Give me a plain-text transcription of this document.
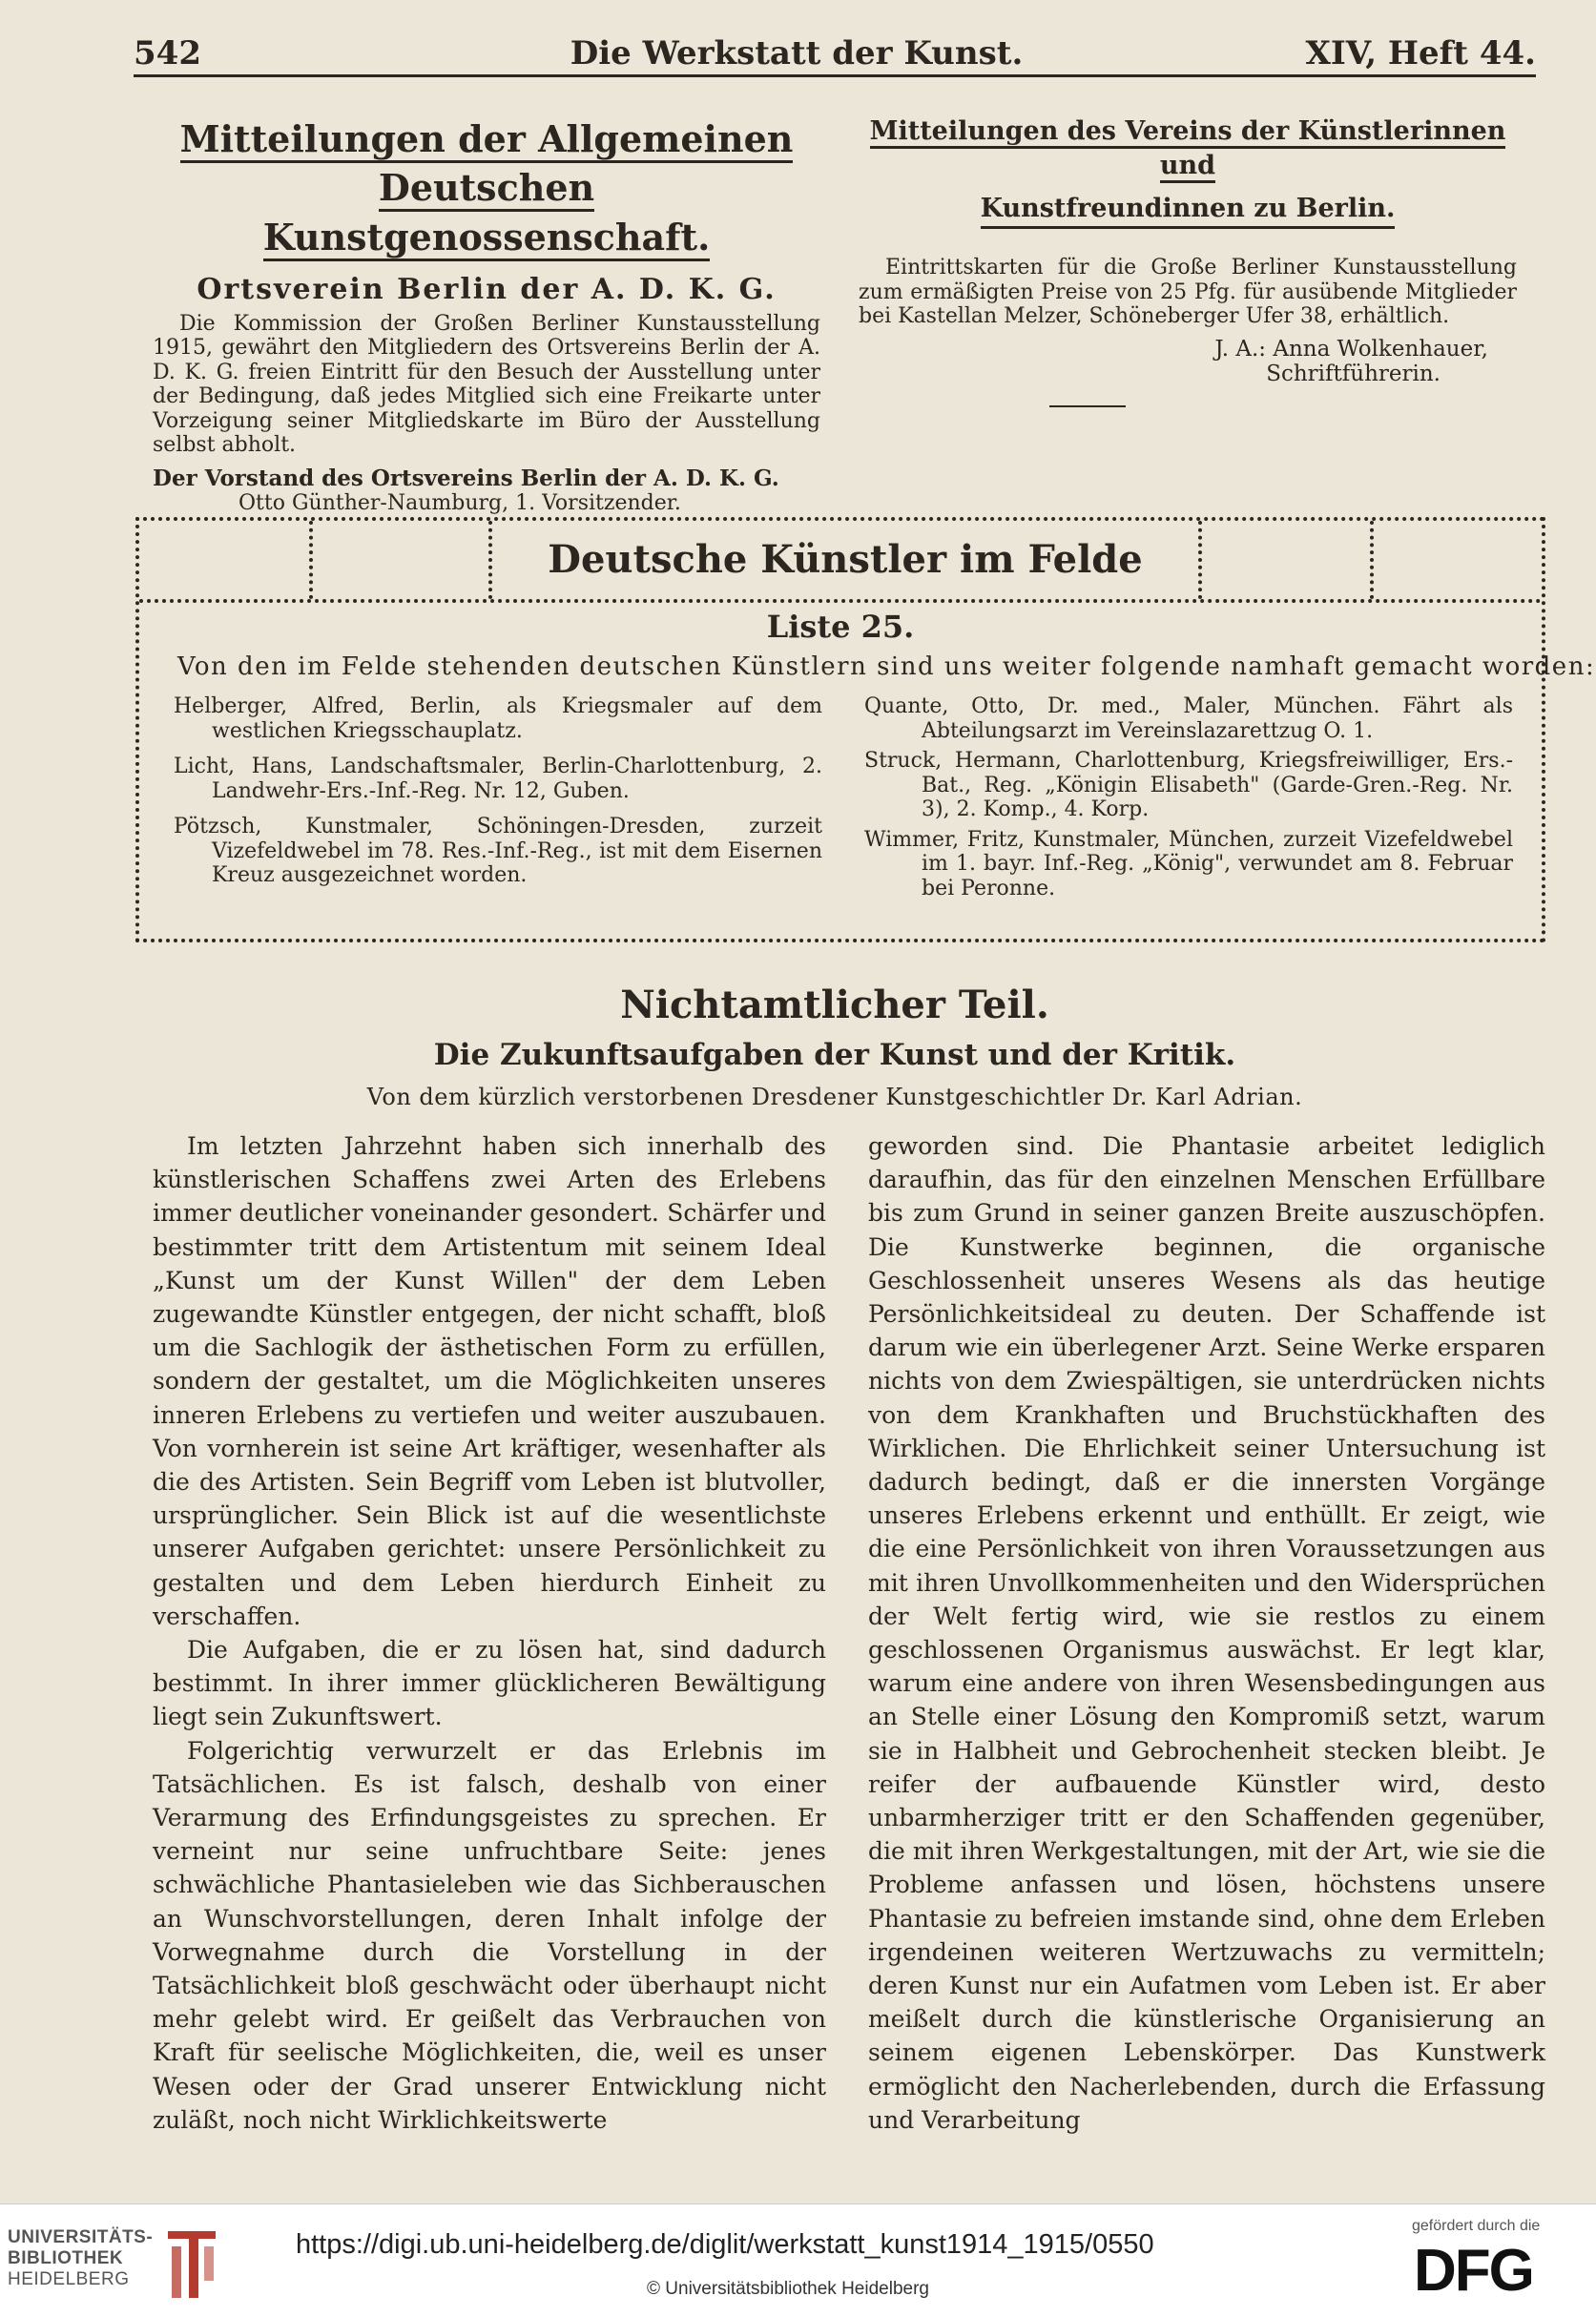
542	Die Werkstatt der Kunst.	XIV, Heft 44.
Mitteilungen der Allgemeinen Deutschen
Kunstgenossenschaft.
Ortsverein Berlin der A. D. K. G.

Die Kommission der Großen Berliner Kunstausstellung 1915, gewährt den Mitgliedern des Ortsvereins Berlin der A. D. K. G. freien Eintritt für den Besuch der Ausstellung unter der Bedingung, daß jedes Mitglied sich eine Freikarte unter Vorzeigung seiner Mitgliedskarte im Büro der Ausstellung selbst abholt.

Der Vorstand des Ortsvereins Berlin der A. D. K. G.
Otto Günther-Naumburg, 1. Vorsitzender.
Mitteilungen des Vereins der Künstlerinnen und
Kunstfreundinnen zu Berlin.

Eintrittskarten für die Große Berliner Kunstausstellung zum ermäßigten Preise von 25 Pfg. für ausübende Mitglieder bei Kastellan Melzer, Schöneberger Ufer 38, erhältlich.

J. A.: Anna Wolkenhauer,
Schriftführerin.
Deutsche Künstler im Felde
Liste 25.
Von den im Felde stehenden deutschen Künstlern sind uns weiter folgende namhaft gemacht worden:

Helberger, Alfred, Berlin, als Kriegsmaler auf dem westlichen Kriegsschauplatz.

Licht, Hans, Landschaftsmaler, Berlin-Charlottenburg, 2. Landwehr-Ers.-Inf.-Reg. Nr. 12, Guben.

Pötzsch, Kunstmaler, Schöningen-Dresden, zurzeit Vizefeldwebel im 78. Res.-Inf.-Reg., ist mit dem Eisernen Kreuz ausgezeichnet worden.

Quante, Otto, Dr. med., Maler, München. Fährt als Abteilungsarzt im Vereinslazarettzug O. 1.

Struck, Hermann, Charlottenburg, Kriegsfreiwilliger, Ers.-Bat., Reg. „Königin Elisabeth" (Garde-Gren.-Reg. Nr. 3), 2. Komp., 4. Korp.

Wimmer, Fritz, Kunstmaler, München, zurzeit Vizefeldwebel im 1. bayr. Inf.-Reg. „König", verwundet am 8. Februar bei Peronne.

Nichtamtlicher Teil.
Die Zukunftsaufgaben der Kunst und der Kritik.
Von dem kürzlich verstorbenen Dresdener Kunstgeschichtler Dr. Karl Adrian.

Im letzten Jahrzehnt haben sich innerhalb des künstlerischen Schaffens zwei Arten des Erlebens immer deutlicher voneinander gesondert. Schärfer und bestimmter tritt dem Artistentum mit seinem Ideal „Kunst um der Kunst Willen" der dem Leben zugewandte Künstler entgegen, der nicht schafft, bloß um die Sachlogik der ästhetischen Form zu erfüllen, sondern der gestaltet, um die Möglichkeiten unseres inneren Erlebens zu vertiefen und weiter auszubauen. Von vornherein ist seine Art kräftiger, wesenhafter als die des Artisten. Sein Begriff vom Leben ist blutvoller, ursprünglicher. Sein Blick ist auf die wesentlichste unserer Aufgaben gerichtet: unsere Persönlichkeit zu gestalten und dem Leben hierdurch Einheit zu verschaffen.

Die Aufgaben, die er zu lösen hat, sind dadurch bestimmt. In ihrer immer glücklicheren Bewältigung liegt sein Zukunftswert.

Folgerichtig verwurzelt er das Erlebnis im Tatsächlichen. Es ist falsch, deshalb von einer Verarmung des Erfindungsgeistes zu sprechen. Er verneint nur seine unfruchtbare Seite: jenes schwächliche Phantasieleben wie das Sichberauschen an Wunschvorstellungen, deren Inhalt infolge der Vorwegnahme durch die Vorstellung in der Tatsächlichkeit bloß geschwächt oder überhaupt nicht mehr gelebt wird. Er geißelt das Verbrauchen von Kraft für seelische Möglichkeiten, die, weil es unser Wesen oder der Grad unserer Entwicklung nicht zuläßt, noch nicht Wirklichkeitswerte

geworden sind. Die Phantasie arbeitet lediglich daraufhin, das für den einzelnen Menschen Erfüllbare bis zum Grund in seiner ganzen Breite auszuschöpfen. Die Kunstwerke beginnen, die organische Geschlossenheit unseres Wesens als das heutige Persönlichkeitsideal zu deuten. Der Schaffende ist darum wie ein überlegener Arzt. Seine Werke ersparen nichts von dem Zwiespältigen, sie unterdrücken nichts von dem Krankhaften und Bruchstückhaften des Wirklichen. Die Ehrlichkeit seiner Untersuchung ist dadurch bedingt, daß er die innersten Vorgänge unseres Erlebens erkennt und enthüllt. Er zeigt, wie die eine Persönlichkeit von ihren Voraussetzungen aus mit ihren Unvollkommenheiten und den Widersprüchen der Welt fertig wird, wie sie restlos zu einem geschlossenen Organismus auswächst. Er legt klar, warum eine andere von ihren Wesensbedingungen aus an Stelle einer Lösung den Kompromiß setzt, warum sie in Halbheit und Gebrochenheit stecken bleibt. Je reifer der aufbauende Künstler wird, desto unbarmherziger tritt er den Schaffenden gegenüber, die mit ihren Werkgestaltungen, mit der Art, wie sie die Probleme anfassen und lösen, höchstens unsere Phantasie zu befreien imstande sind, ohne dem Erleben irgendeinen weiteren Wertzuwachs zu vermitteln; deren Kunst nur ein Aufatmen vom Leben ist. Er aber meißelt durch die künstlerische Organisierung an seinem eigenen Lebenskörper. Das Kunstwerk ermöglicht den Nacherlebenden, durch die Erfassung und Verarbeitung

UNIVERSITÄTS-
BIBLIOTHEK
HEIDELBERG
https://digi.ub.uni-heidelberg.de/diglit/werkstatt_kunst1914_1915/0550
© Universitätsbibliothek Heidelberg
gefördert durch die
DFG
